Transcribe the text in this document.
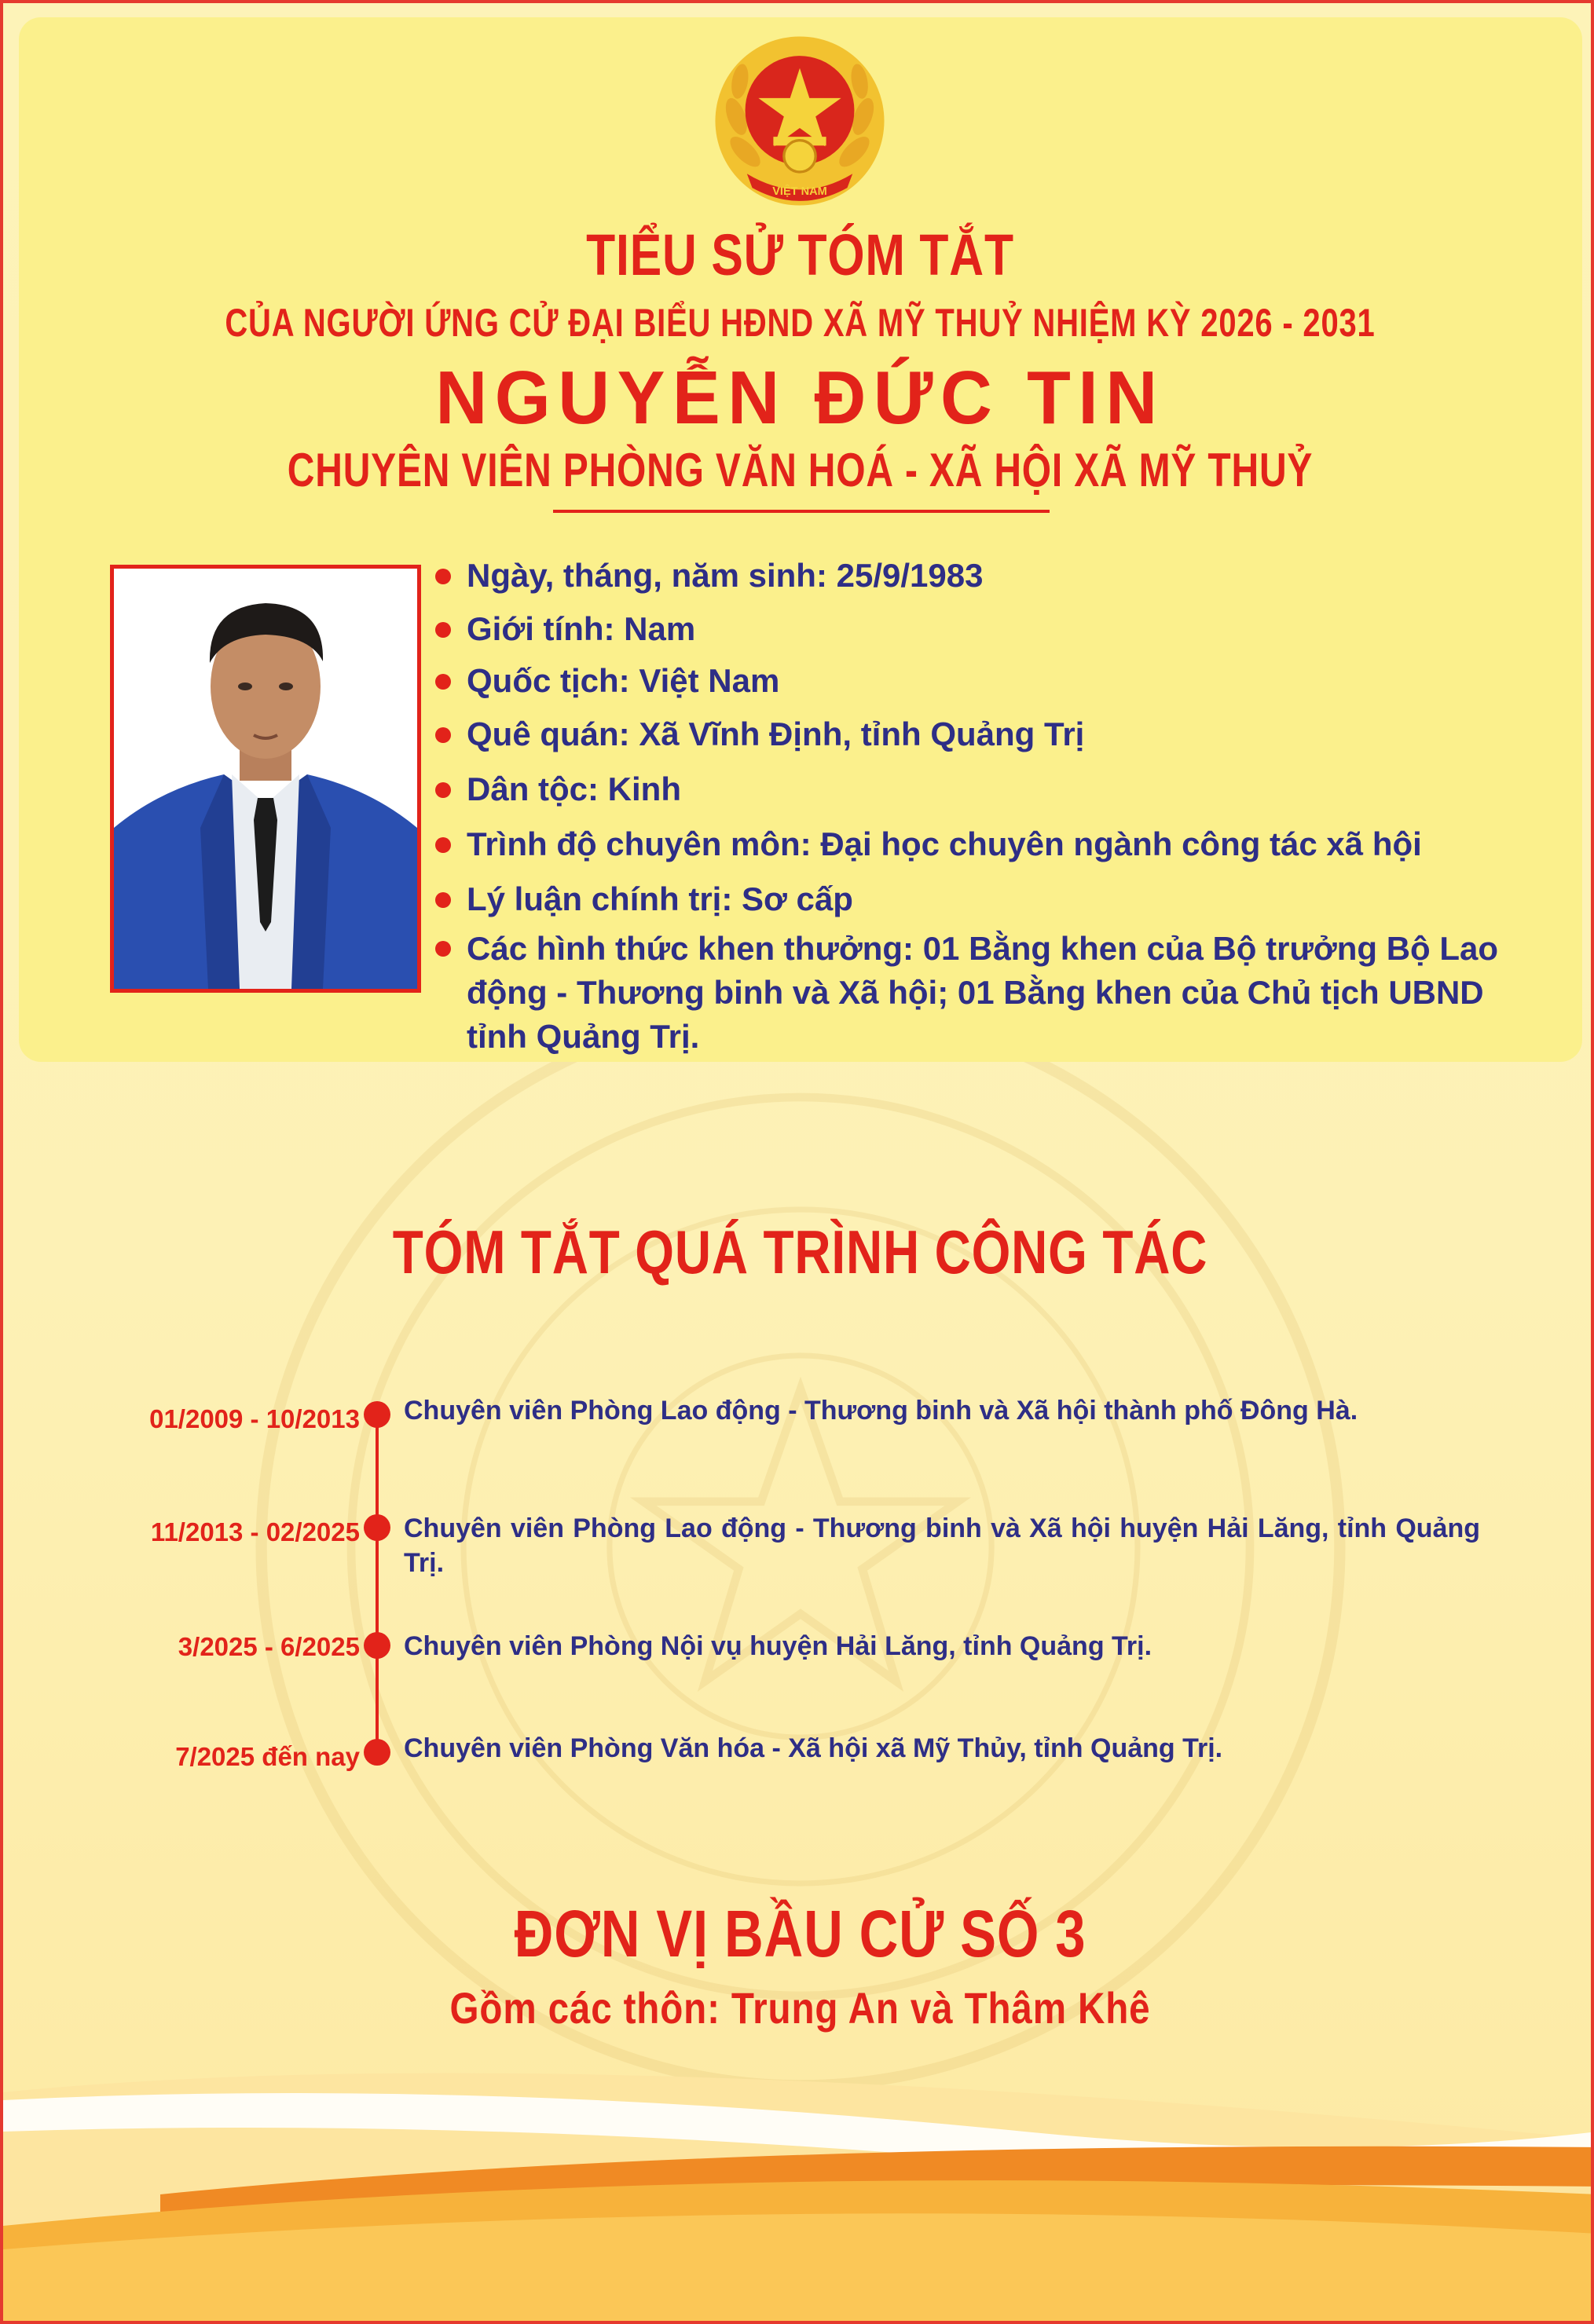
VIỆT NAM
TIỂU SỬ TÓM TẮT
CỦA NGƯỜI ỨNG CỬ ĐẠI BIỂU HĐND XÃ MỸ THUỶ NHIỆM KỲ 2026 - 2031
NGUYỄN ĐỨC TIN
CHUYÊN VIÊN PHÒNG VĂN HOÁ - XÃ HỘI XÃ MỸ THUỶ
Ngày, tháng, năm sinh: 25/9/1983
Giới tính: Nam
Quốc tịch: Việt Nam
Quê quán: Xã Vĩnh Định, tỉnh Quảng Trị
Dân tộc: Kinh
Trình độ chuyên môn: Đại học chuyên ngành công tác xã hội
Lý luận chính trị: Sơ cấp
Các hình thức khen thưởng: 01 Bằng khen của Bộ trưởng Bộ Lao động - Thương binh và Xã hội; 01 Bằng khen của Chủ tịch UBND tỉnh Quảng Trị.
TÓM TẮT QUÁ TRÌNH CÔNG TÁC
01/2009 - 10/2013 Chuyên viên Phòng Lao động - Thương binh và Xã hội thành phố Đông Hà.
11/2013 - 02/2025 Chuyên viên Phòng Lao động - Thương binh và Xã hội huyện Hải Lăng, tỉnh Quảng Trị.
3/2025 - 6/2025 Chuyên viên Phòng Nội vụ huyện Hải Lăng, tỉnh Quảng Trị.
7/2025 đến nay Chuyên viên Phòng Văn hóa - Xã hội xã Mỹ Thủy, tỉnh Quảng Trị.
ĐƠN VỊ BẦU CỬ SỐ 3
Gồm các thôn: Trung An và Thâm Khê
